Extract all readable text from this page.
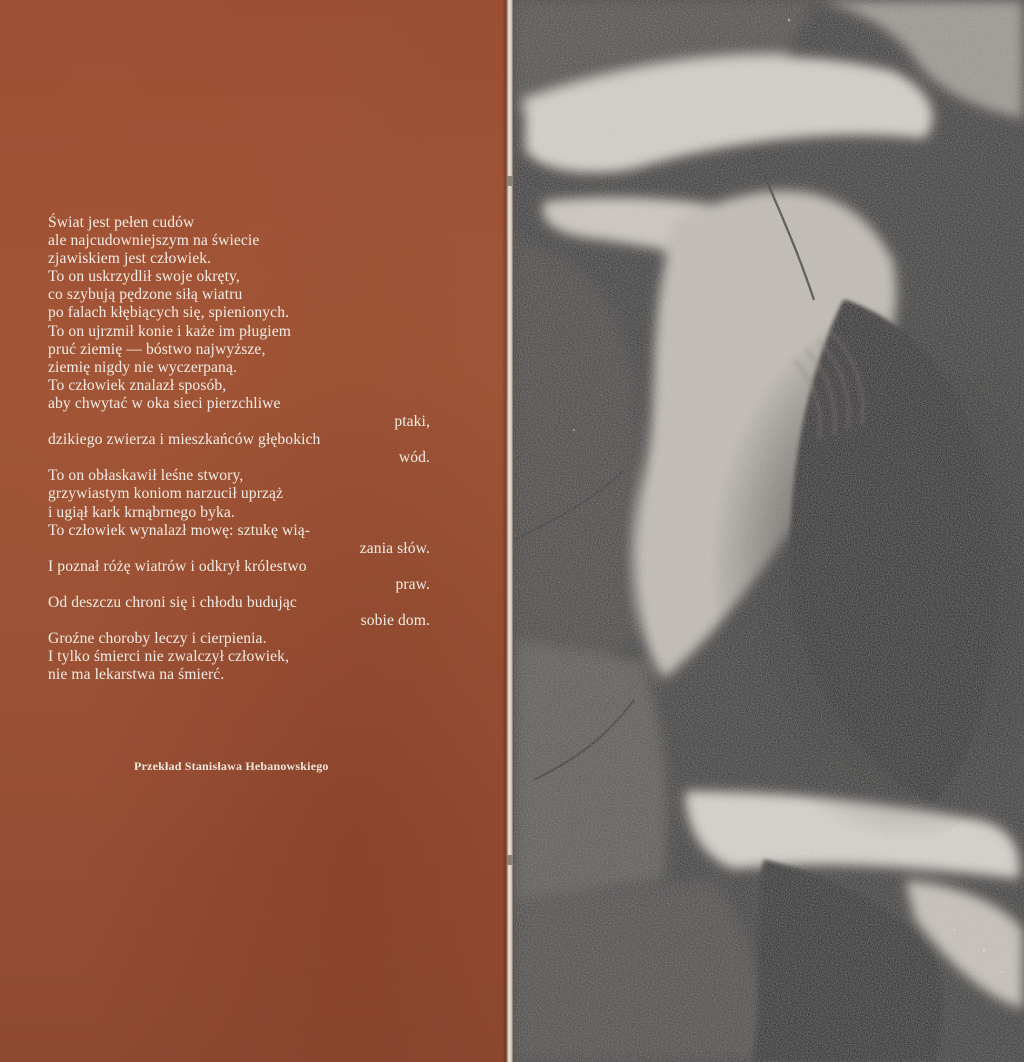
Świat jest pełen cudów
ale najcudowniejszym na świecie
zjawiskiem jest człowiek.
To on uskrzydlił swoje okręty,
co szybują pędzone siłą wiatru
po falach kłębiących się, spienionych.
To on ujrzmił konie i każe im pługiem
pruć ziemię — bóstwo najwyższe,
ziemię nigdy nie wyczerpaną.
To człowiek znalazł sposób,
aby chwytać w oka sieci pierzchliwe
ptaki,
dzikiego zwierza i mieszkańców głębokich
wód.
To on obłaskawił leśne stwory,
grzywiastym koniom narzucił uprząż
i ugiął kark krnąbrnego byka.
To człowiek wynalazł mowę: sztukę wią-
zania słów.
I poznał różę wiatrów i odkrył królestwo
praw.
Od deszczu chroni się i chłodu budując
sobie dom.
Groźne choroby leczy i cierpienia.
I tylko śmierci nie zwalczył człowiek,
nie ma lekarstwa na śmierć.
Przekład Stanisława Hebanowskiego
